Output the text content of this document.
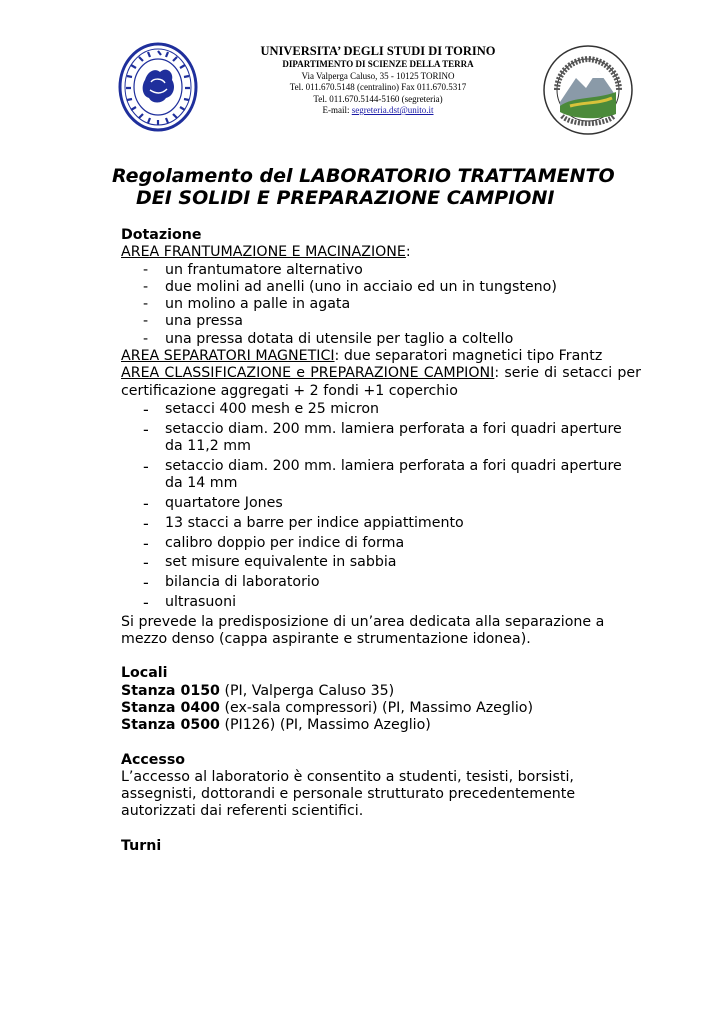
UNIVERSITA’ DEGLI STUDI DI TORINO
DIPARTIMENTO DI SCIENZE DELLA TERRA
Via Valperga Caluso, 35 - 10125 TORINO
Tel. 011.670.5148 (centralino) Fax 011.670.5317
Tel. 011.670.5144-5160 (segreteria)
E-mail: segreteria.dst@unito.it
Regolamento del LABORATORIO TRATTAMENTO
DEI SOLIDI E PREPARAZIONE CAMPIONI

Dotazione

AREA FRANTUMAZIONE E MACINAZIONE:

- un frantumatore alternativo
- due molini ad anelli (uno in acciaio ed un in tungsteno)
- un molino a palle in agata
- una pressa
- una pressa dotata di utensile per taglio a coltello

AREA SEPARATORI MAGNETICI: due separatori magnetici tipo Frantz

AREA CLASSIFICAZIONE e PREPARAZIONE CAMPIONI: serie di setacci per certificazione aggregati + 2 fondi +1 coperchio

- setacci 400 mesh e 25 micron
- setaccio diam. 200 mm. lamiera perforata a fori quadri aperture da 11,2 mm
- setaccio diam. 200 mm. lamiera perforata a fori quadri aperture da 14 mm
- quartatore Jones
- 13 stacci a barre per indice appiattimento
- calibro doppio per indice di forma
- set misure equivalente in sabbia
- bilancia di laboratorio
- ultrasuoni

Si prevede la predisposizione di un’area dedicata alla separazione a mezzo denso (cappa aspirante e strumentazione idonea).

Locali

Stanza 0150 (PI, Valperga Caluso 35)

Stanza 0400 (ex-sala compressori) (PI, Massimo Azeglio)

Stanza 0500 (PI126) (PI, Massimo Azeglio)

Accesso

L’accesso al laboratorio è consentito a studenti, tesisti, borsisti, assegnisti, dottorandi e personale strutturato precedentemente autorizzati dai referenti scientifici.

Turni
